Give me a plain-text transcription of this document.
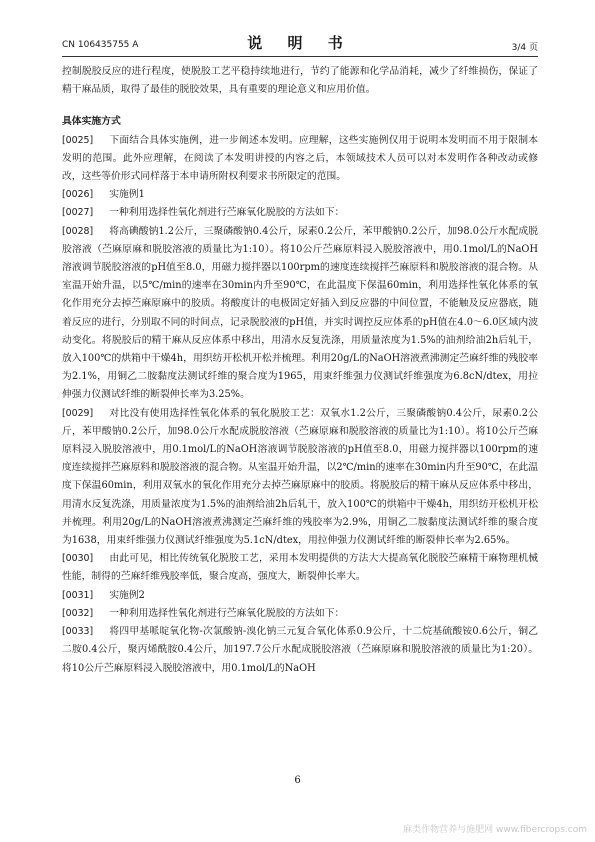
CN 106435755 A	说 明 书	3/4 页

控制脱胶反应的进行程度，使脱胶工艺平稳持续地进行，节约了能源和化学品消耗，减少了纤维损伤，保证了精干麻品质，取得了最佳的脱胶效果，具有重要的理论意义和应用价值。

具体实施方式

[0025] 下面结合具体实施例，进一步阐述本发明。应理解，这些实施例仅用于说明本发明而不用于限制本发明的范围。此外应理解，在阅读了本发明讲授的内容之后，本领域技术人员可以对本发明作各种改动或修改，这些等价形式同样落于本申请所附权利要求书所限定的范围。

[0026] 实施例1

[0027] 一种利用选择性氧化剂进行苎麻氧化脱胶的方法如下：

[0028] 将高碘酸钠1.2公斤，三聚磷酸钠0.4公斤，尿素0.2公斤，苯甲酸钠0.2公斤，加98.0公斤水配成脱胶溶液（苎麻原麻和脱胶溶液的质量比为1:10）。将10公斤苎麻原料浸入脱胶溶液中，用0.1mol/L的NaOH溶液调节脱胶溶液的pH值至8.0，用磁力搅拌器以100rpm的速度连续搅拌苎麻原料和脱胶溶液的混合物。从室温开始升温，以5℃/min的速率在30min内升至90℃，在此温度下保温60min，利用选择性氧化体系的氧化作用充分去掉苎麻原麻中的胶质。将酸度计的电极固定好插入到反应器的中间位置，不能触及反应器底，随着反应的进行，分别取不同的时间点，记录脱胶液的pH值，并实时调控反应体系的pH值在4.0～6.0区域内波动变化。将脱胶后的精干麻从反应体系中移出，用清水反复洗涤，用质量浓度为1.5%的油剂给油2h后轧干，放入100℃的烘箱中干燥4h，用织纺开松机开松并梳理。利用20g/L的NaOH溶液煮沸测定苎麻纤维的残胶率为2.1%，用铜乙二胺黏度法测试纤维的聚合度为1965，用束纤维强力仪测试纤维强度为6.8cN/dtex，用拉伸强力仪测试纤维的断裂伸长率为3.25%。

[0029] 对比没有使用选择性氧化体系的氧化脱胶工艺：双氧水1.2公斤，三聚磷酸钠0.4公斤，尿素0.2公斤，苯甲酸钠0.2公斤，加98.0公斤水配成脱胶溶液（苎麻原麻和脱胶溶液的质量比为1:10）。将10公斤苎麻原料浸入脱胶溶液中，用0.1mol/L的NaOH溶液调节脱胶溶液的pH值至8.0，用磁力搅拌器以100rpm的速度连续搅拌苎麻原料和脱胶溶液的混合物。从室温开始升温，以2℃/min的速率在30min内升至90℃，在此温度下保温60min，利用双氧水的氧化作用充分去掉苎麻原麻中的胶质。将脱胶后的精干麻从反应体系中移出，用清水反复洗涤，用质量浓度为1.5%的油剂给油2h后轧干，放入100℃的烘箱中干燥4h，用织纺开松机开松并梳理。利用20g/L的NaOH溶液煮沸测定苎麻纤维的残胶率为2.9%，用铜乙二胺黏度法测试纤维的聚合度为1638，用束纤维强力仪测试纤维强度为5.1cN/dtex，用拉伸强力仪测试纤维的断裂伸长率为2.65%。

[0030] 由此可见，相比传统氧化脱胶工艺，采用本发明提供的方法大大提高氧化脱胶苎麻精干麻物理机械性能，制得的苎麻纤维残胶率低，聚合度高，强度大，断裂伸长率大。

[0031] 实施例2

[0032] 一种利用选择性氧化剂进行苎麻氧化脱胶的方法如下：

[0033] 将四甲基哌啶氧化物-次氯酸钠-溴化钠三元复合氧化体系0.9公斤，十二烷基硫酸铵0.6公斤，铜乙二胺0.4公斤，聚丙烯酰胺0.4公斤，加197.7公斤水配成脱胶溶液（苎麻原麻和脱胶溶液的质量比为1:20）。将10公斤苎麻原料浸入脱胶溶液中，用0.1mol/L的NaOH

6
麻类作物营养与施肥网 www.fibercrops.com
